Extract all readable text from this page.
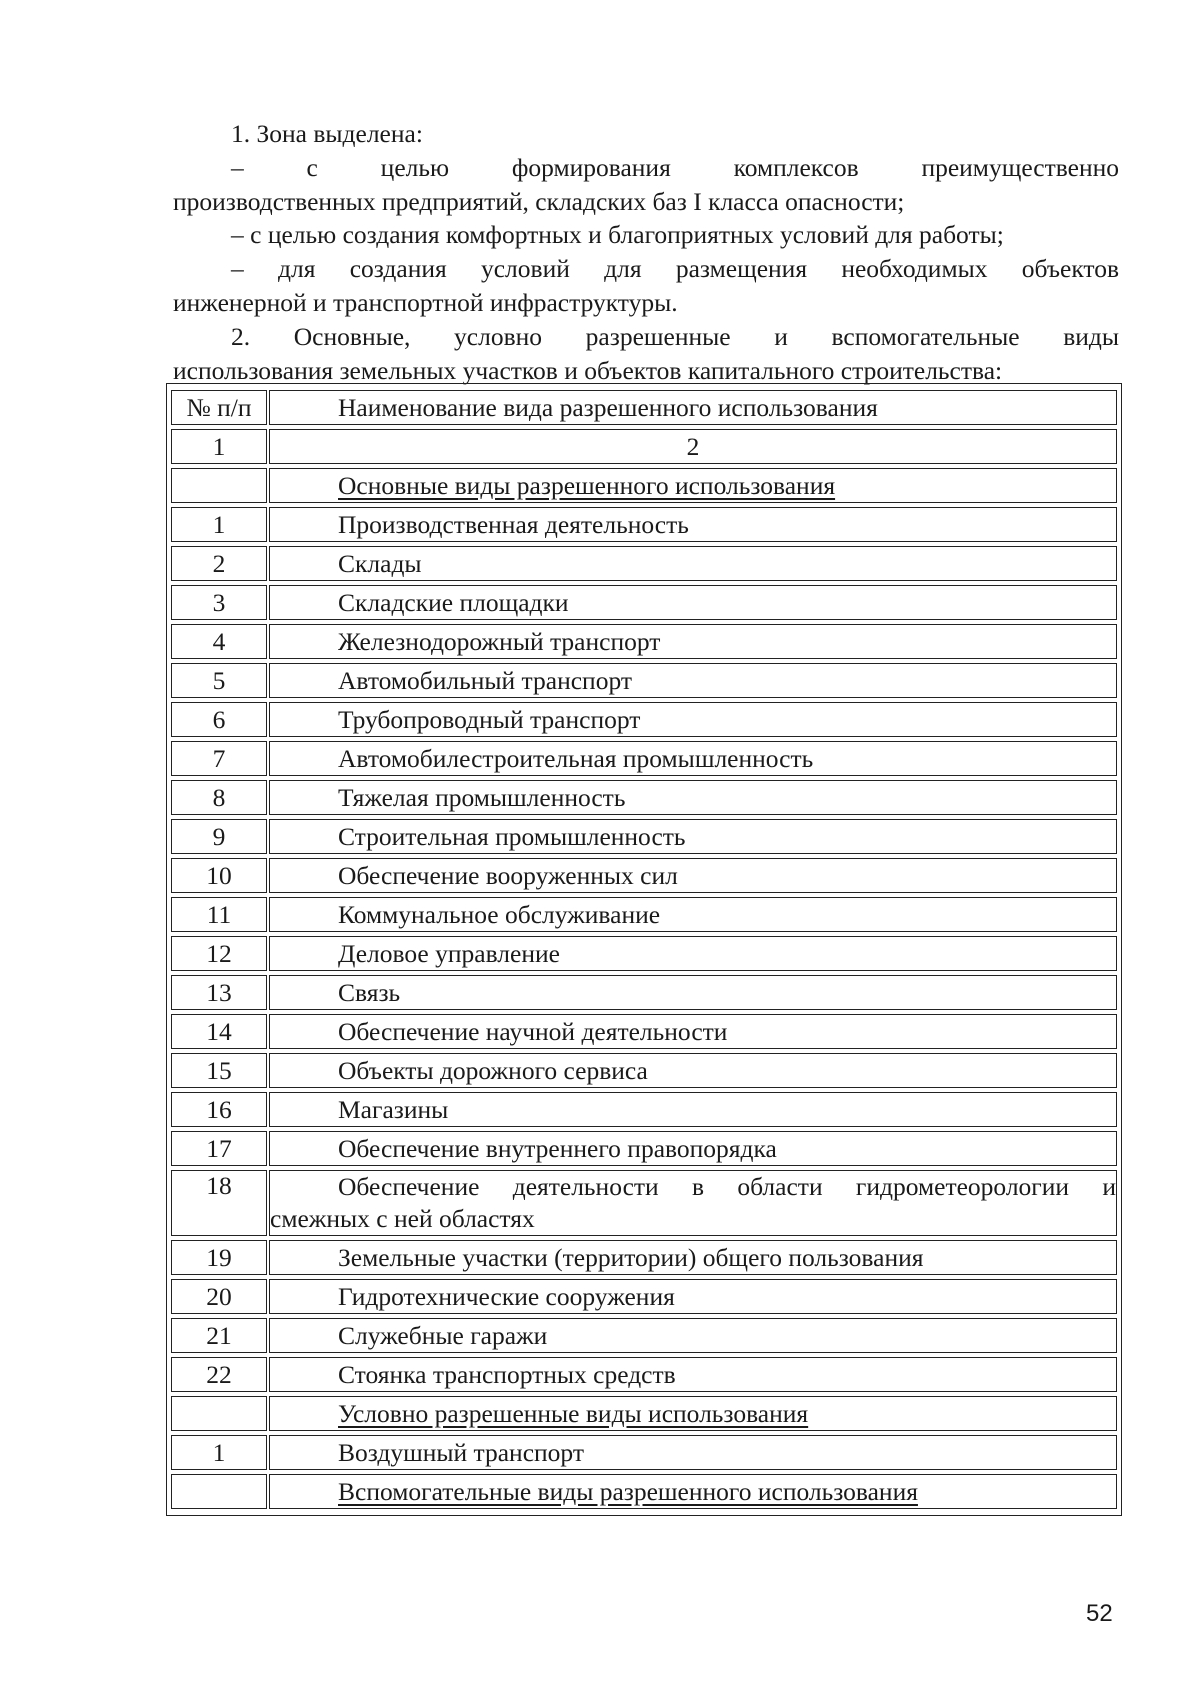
1. Зона выделена:
– с целью формирования комплексов преимущественно
производственных предприятий, складских баз I класса опасности;
– с целью создания комфортных и благоприятных условий для работы;
– для создания условий для размещения необходимых объектов
инженерной и транспортной инфраструктуры.
2. Основные, условно разрешенные и вспомогательные виды
использования земельных участков и объектов капитального строительства:
№ п/п	Наименование вида разрешенного использования
1	2
	Основные виды разрешенного использования
1	Производственная деятельность
2	Склады
3	Складские площадки
4	Железнодорожный транспорт
5	Автомобильный транспорт
6	Трубопроводный транспорт
7	Автомобилестроительная промышленность
8	Тяжелая промышленность
9	Строительная промышленность
10	Обеспечение вооруженных сил
11	Коммунальное обслуживание
12	Деловое управление
13	Связь
14	Обеспечение научной деятельности
15	Объекты дорожного сервиса
16	Магазины
17	Обеспечение внутреннего правопорядка
18	Обеспечение деятельности в области гидрометеорологии и
смежных с ней областях

19	Земельные участки (территории) общего пользования
20	Гидротехнические сооружения
21	Служебные гаражи
22	Стоянка транспортных средств
	Условно разрешенные виды использования
1	Воздушный транспорт
	Вспомогательные виды разрешенного использования
52
